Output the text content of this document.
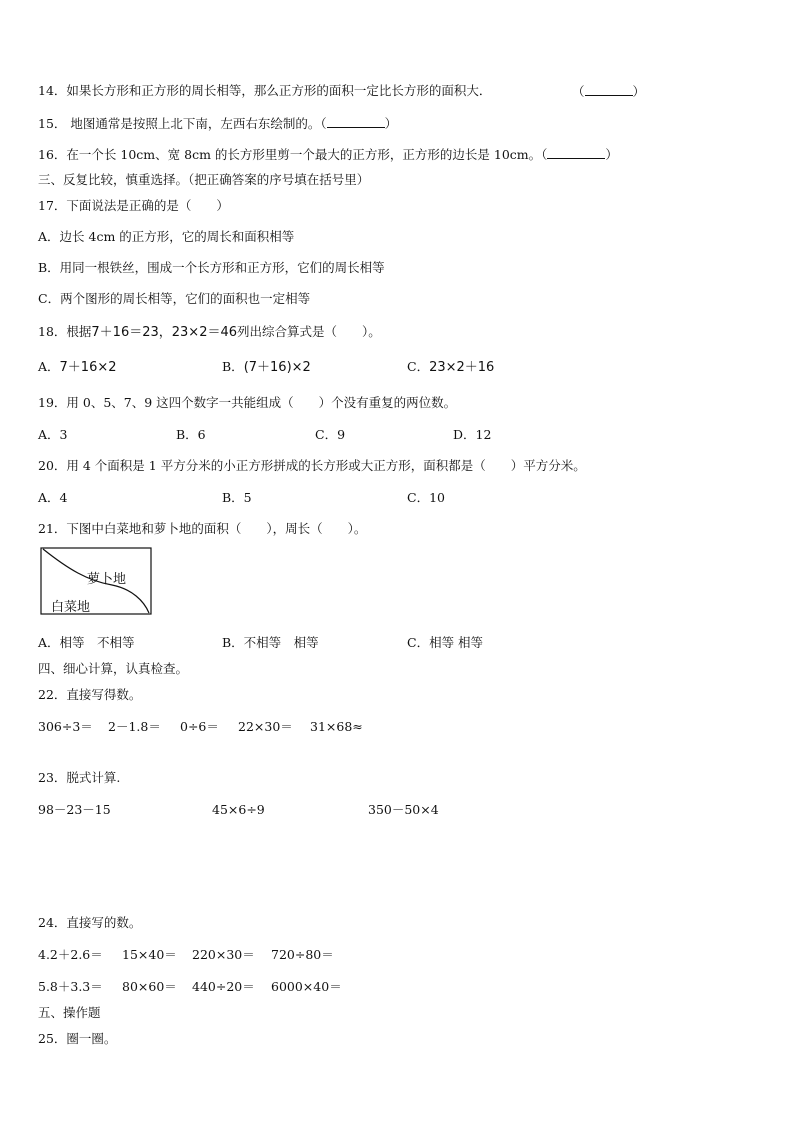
14．如果长方形和正方形的周长相等，那么正方形的面积一定比长方形的面积大．	（	）
15． 地图通常是按照上北下南，左西右东绘制的。（	）
16．在一个长 10cm、宽 8cm 的长方形里剪一个最大的正方形，正方形的边长是 10cm。（	）
三、反复比较，慎重选择。（把正确答案的序号填在括号里）
17．下面说法是正确的是（　　）
A．边长 4cm 的正方形，它的周长和面积相等
B．用同一根铁丝，围成一个长方形和正方形，它们的周长相等
C．两个图形的周长相等，它们的面积也一定相等
18．根据7＋16＝23，23×2＝46列出综合算式是（　　）。
A．7＋16×2	B．(7＋16)×2	C．23×2＋16
19．用 0、5、7、9 这四个数字一共能组成（　　）个没有重复的两位数。
A．3	B．6	C．9	D．12
20．用 4 个面积是 1 平方分米的小正方形拼成的长方形或大正方形，面积都是（　　）平方分米。
A．4	B．5	C．10
21．下图中白菜地和萝卜地的面积（　　），周长（　　）。
萝卜地
白菜地
A．相等　不相等	B．不相等　相等	C．相等 相等
四、细心计算，认真检查。
22．直接写得数。
306÷3＝ 2－1.8＝ 0÷6＝ 22×30＝ 31×68≈
23．脱式计算.
98－23－15	45×6÷9	350－50×4
24．直接写的数。
4.2＋2.6＝ 15×40＝ 220×30＝ 720÷80＝
5.8＋3.3＝ 80×60＝ 440÷20＝ 6000×40＝
五、操作题
25．圈一圈。
